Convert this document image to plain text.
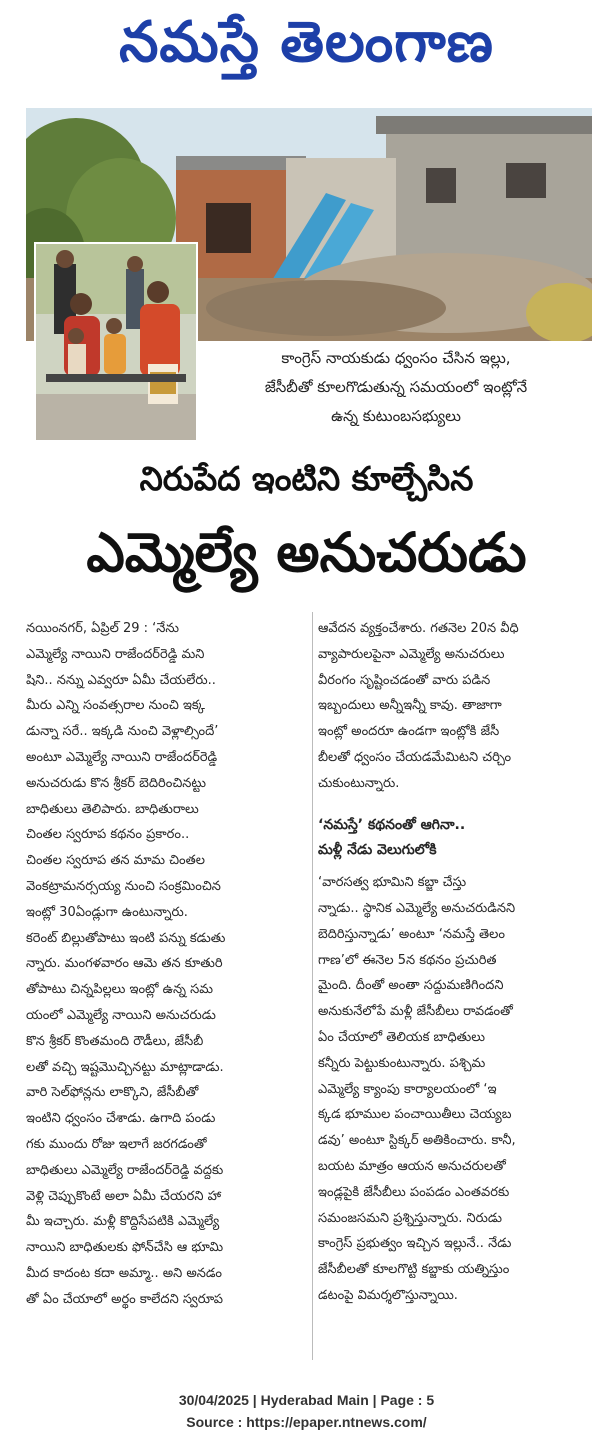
నమస్తే తెలంగాణ
కాంగ్రెస్ నాయకుడు ధ్వంసం చేసిన ఇల్లు,
జేసీబీతో కూలగొడుతున్న సమయంలో ఇంట్లోనే
ఉన్న కుటుంబసభ్యులు
నిరుపేద ఇంటిని కూల్చేసిన
ఎమ్మెల్యే అనుచరుడు
నయింనగర్, ఏప్రిల్ 29 : ‘నేను
ఎమ్మెల్యే నాయిని రాజేందర్‌రెడ్డి మని
షిని.. నన్ను ఎవ్వరూ ఏమీ చేయలేరు..
మీరు ఎన్ని సంవత్సరాల నుంచి ఇక్క
డున్నా సరే.. ఇక్కడి నుంచి వెళ్లాల్సిందే’
అంటూ ఎమ్మెల్యే నాయిని రాజేందర్‌రెడ్డి
అనుచరుడు కొన శ్రీకర్ బెదిరించినట్టు
బాధితులు తెలిపారు. బాధితురాలు
చింతల స్వరూప కథనం ప్రకారం..
చింతల స్వరూప తన మామ చింతల
వెంకట్రామనర్సయ్య నుంచి సంక్రమించిన
ఇంట్లో 30ఏండ్లుగా ఉంటున్నారు.
కరెంట్ బిల్లుతోపాటు ఇంటి పన్ను కడుతు
న్నారు. మంగళవారం ఆమె తన కూతురి
తోపాటు చిన్నపిల్లలు ఇంట్లో ఉన్న సమ
యంలో ఎమ్మెల్యే నాయిని అనుచరుడు
కొన శ్రీకర్ కొంతమంది రౌడీలు, జేసీబీ
లతో వచ్చి ఇష్టమొచ్చినట్టు మాట్లాడాడు.
వారి సెల్‌ఫోన్లను లాక్కొని, జేసీబీతో
ఇంటిని ధ్వంసం చేశాడు. ఉగాది పండు
గకు ముందు రోజు ఇలాగే జరగడంతో
బాధితులు ఎమ్మెల్యే రాజేందర్‌రెడ్డి వద్దకు
వెళ్లి చెప్పుకొంటే అలా ఏమీ చేయరని హా
మీ ఇచ్చారు. మళ్లీ కొద్దిసేపటికి ఎమ్మెల్యే
నాయిని బాధితులకు ఫోన్‌చేసి ఆ భూమి
మీద కాదంట కదా అమ్మా.. అని అనడం
తో ఏం చేయాలో అర్థం కాలేదని స్వరూప
ఆవేదన వ్యక్తంచేశారు. గతనెల 20న వీధి
వ్యాపారులపైనా ఎమ్మెల్యే అనుచరులు
వీరంగం సృష్టించడంతో వారు పడిన
ఇబ్బందులు అన్నీఇన్నీ కావు. తాజాగా
ఇంట్లో అందరూ ఉండగా ఇంట్లోకి జేసీ
బీలతో ధ్వంసం చేయడమేమిటని చర్చిం
చుకుంటున్నారు.
‘నమస్తే’ కథనంతో ఆగినా..
మళ్లీ నేడు వెలుగులోకి
‘వారసత్వ భూమిని కబ్జా చేస్తు
న్నాడు.. స్థానిక ఎమ్మెల్యే అనుచరుడినని
బెదిరిస్తున్నాడు’ అంటూ ‘నమస్తే తెలం
గాణ’లో ఈనెల 5న కథనం ప్రచురిత
మైంది. దీంతో అంతా సద్దుమణిగిందని
అనుకునేలోపే మళ్లీ జేసీబీలు రావడంతో
ఏం చేయాలో తెలియక బాధితులు
కన్నీరు పెట్టుకుంటున్నారు. పశ్చిమ
ఎమ్మెల్యే క్యాంపు కార్యాలయంలో ‘ఇ
క్కడ భూముల పంచాయితీలు చెయ్యబ
డవు’ అంటూ స్టిక్కర్ అతికించారు. కానీ,
బయట మాత్రం ఆయన అనుచరులతో
ఇండ్లపైకి జేసీబీలు పంపడం ఎంతవరకు
సమంజసమని ప్రశ్నిస్తున్నారు. నిరుడు
కాంగ్రెస్ ప్రభుత్వం ఇచ్చిన ఇల్లునే.. నేడు
జేసీబీలతో కూలగొట్టి కబ్జాకు యత్నిస్తుం
డటంపై విమర్శలొస్తున్నాయి.
30/04/2025 | Hyderabad Main | Page : 5
Source : https://epaper.ntnews.com/
